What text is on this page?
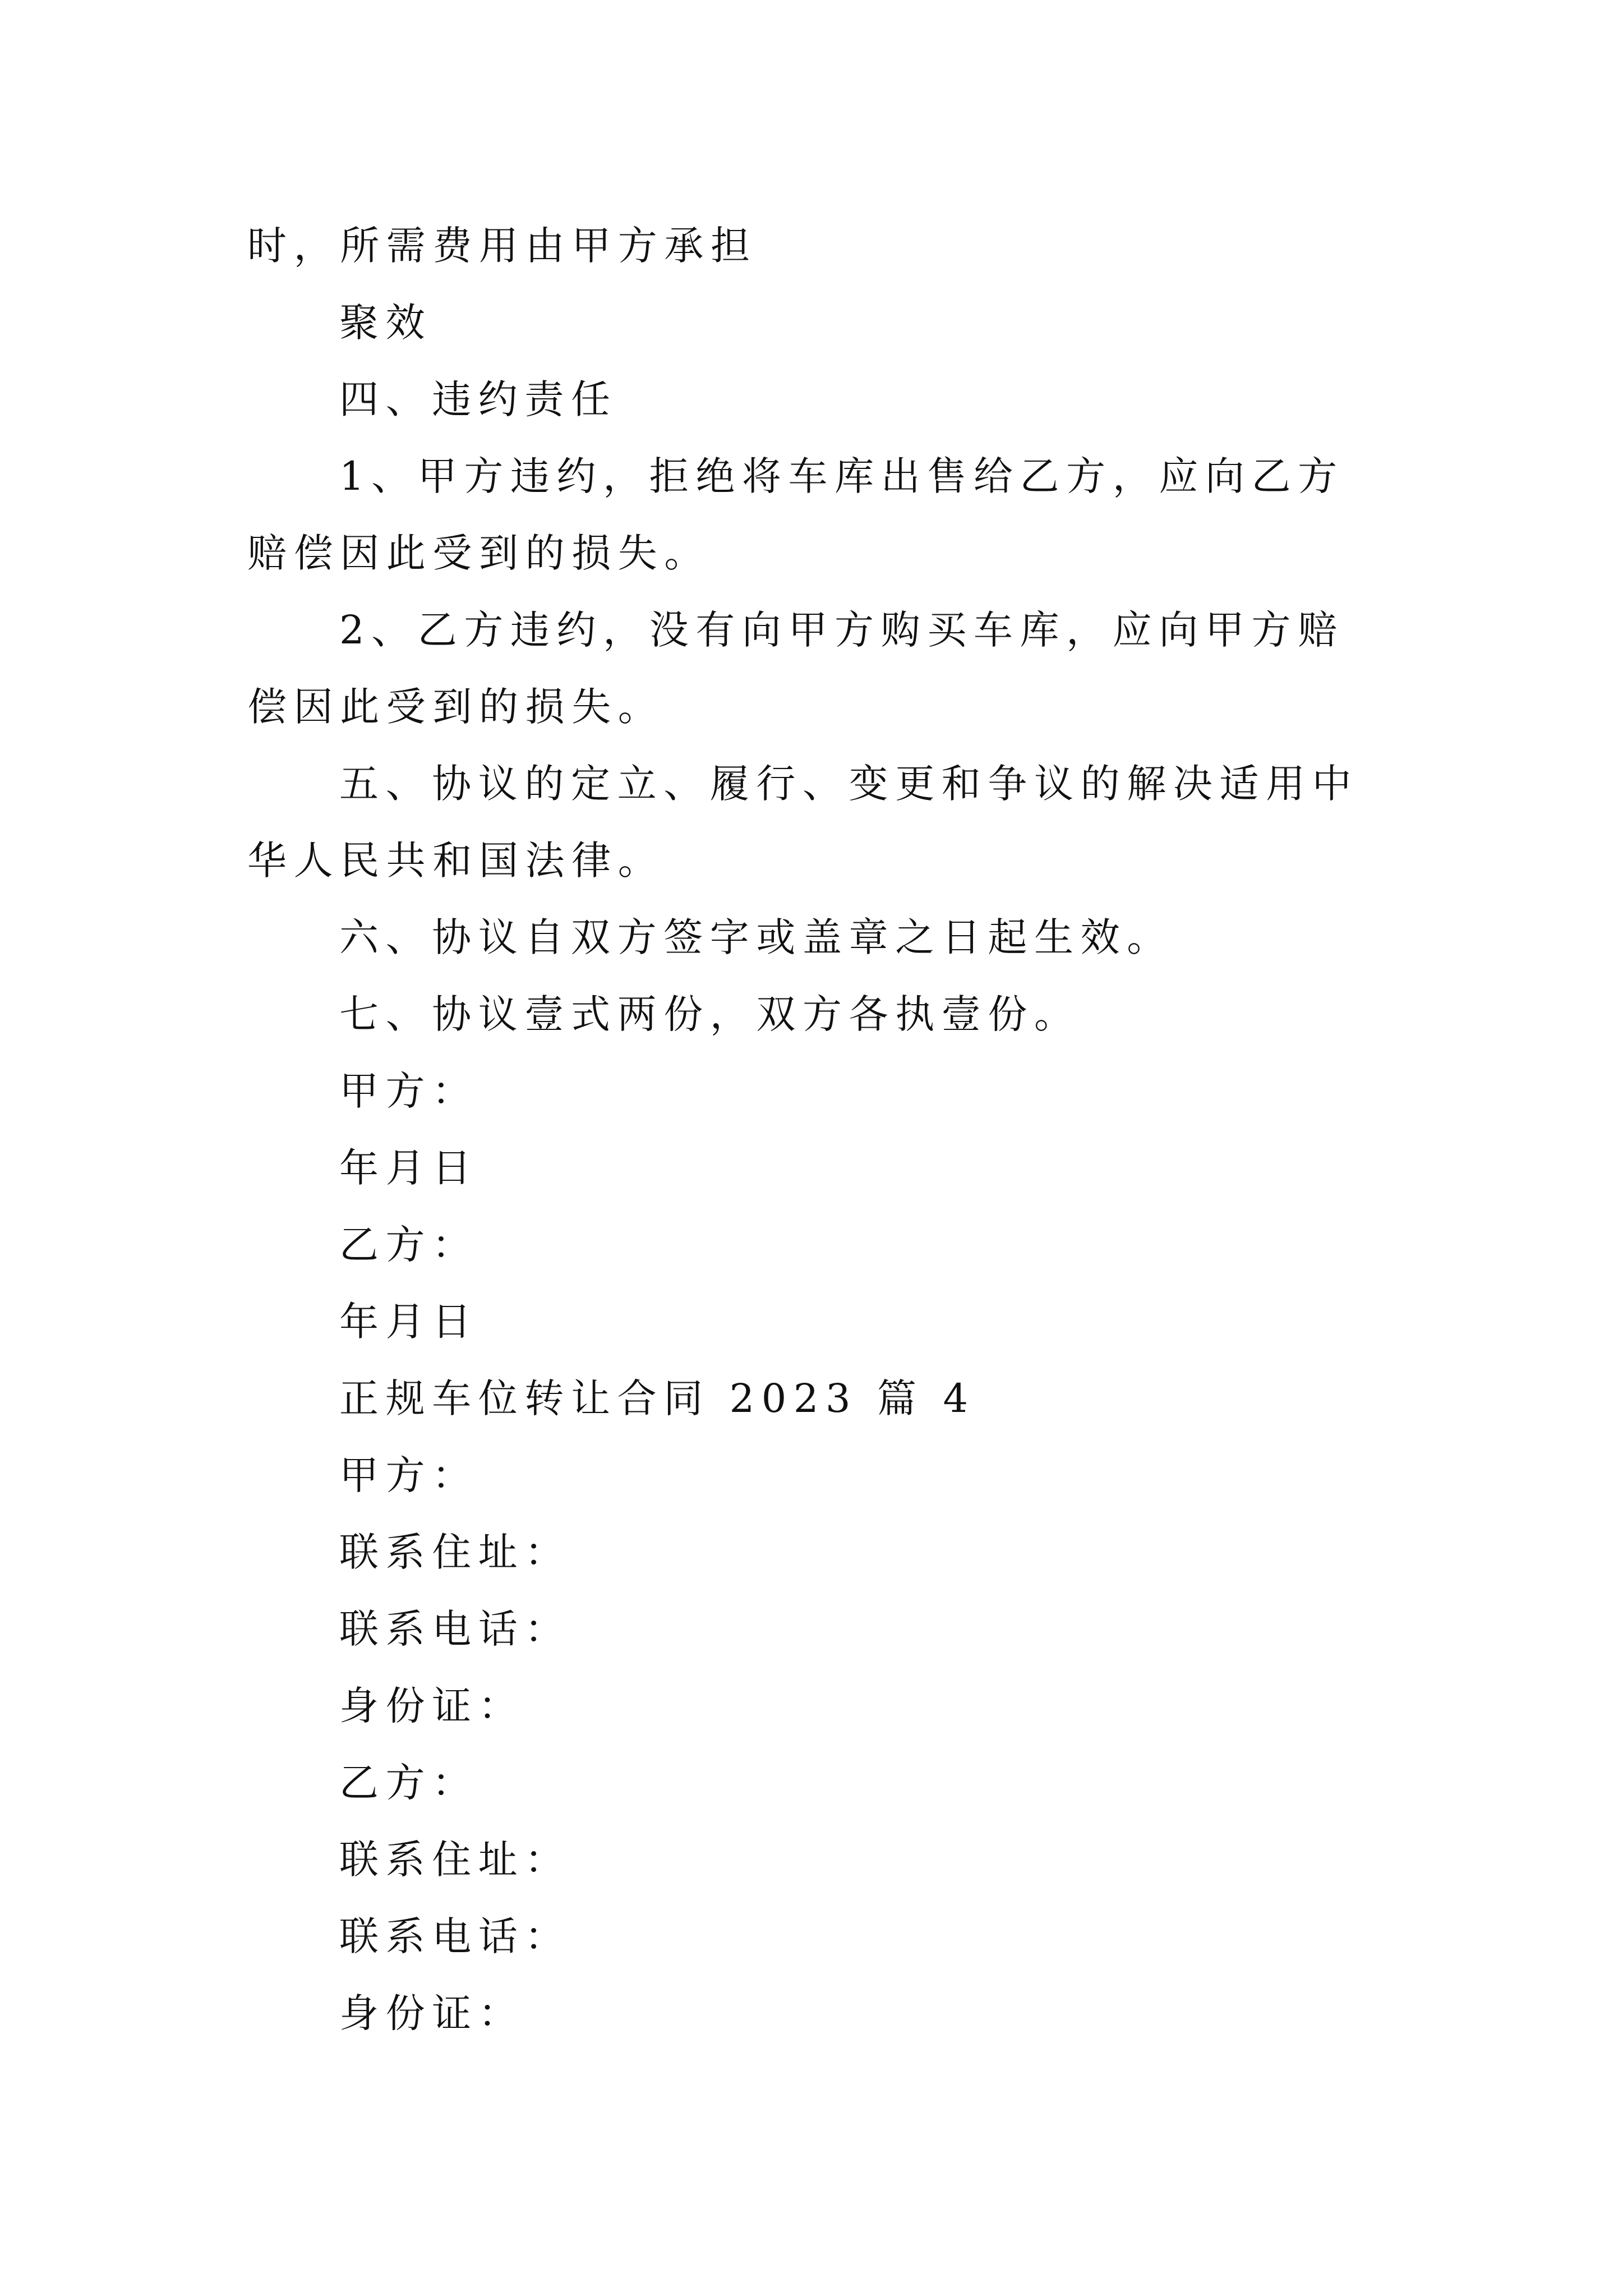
时，所需费用由甲方承担

聚效

四、违约责任

1、甲方违约，拒绝将车库出售给乙方，应向乙方赔偿因此受到的损失。

2、乙方违约，没有向甲方购买车库，应向甲方赔偿因此受到的损失。

五、协议的定立、履行、变更和争议的解决适用中华人民共和国法律。

六、协议自双方签字或盖章之日起生效。

七、协议壹式两份，双方各执壹份。

甲方：

年月日

乙方：

年月日

正规车位转让合同 2023 篇 4

甲方：

联系住址：

联系电话：

身份证：

乙方：

联系住址：

联系电话：

身份证：
